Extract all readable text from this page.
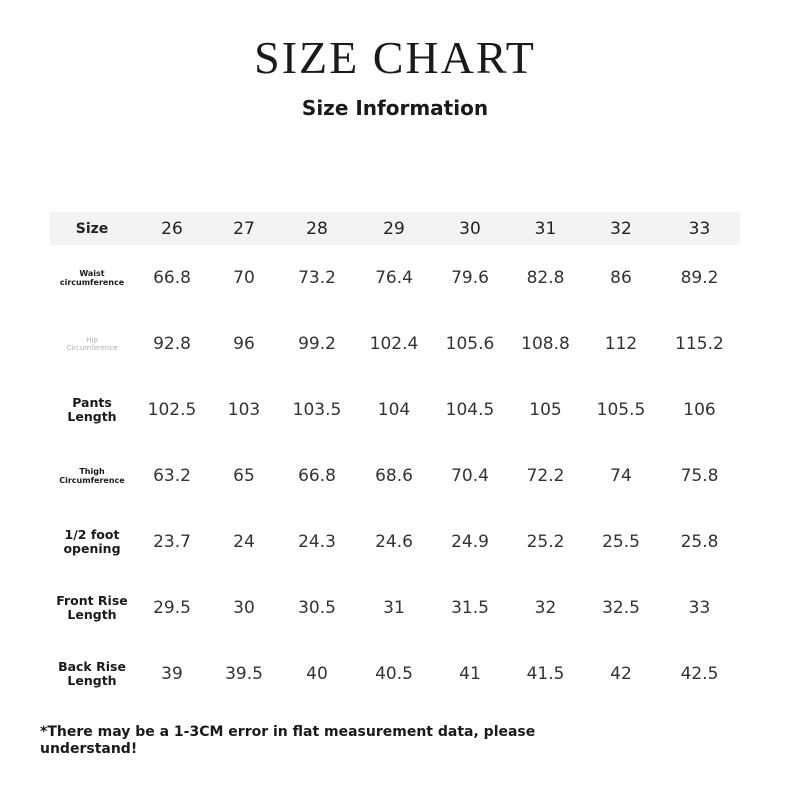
SIZE CHART
Size Information
Size	26	27	28	29	30	31	32	33
Waist
circumference	66.8	70	73.2	76.4	79.6	82.8	86	89.2
Hip
Circumference	92.8	96	99.2	102.4	105.6	108.8	112	115.2
Pants
Length	102.5	103	103.5	104	104.5	105	105.5	106
Thigh
Circumference	63.2	65	66.8	68.6	70.4	72.2	74	75.8
1/2 foot
opening	23.7	24	24.3	24.6	24.9	25.2	25.5	25.8
Front Rise
Length	29.5	30	30.5	31	31.5	32	32.5	33
Back Rise
Length	39	39.5	40	40.5	41	41.5	42	42.5
*There may be a 1-3CM error in flat measurement data, please understand!
